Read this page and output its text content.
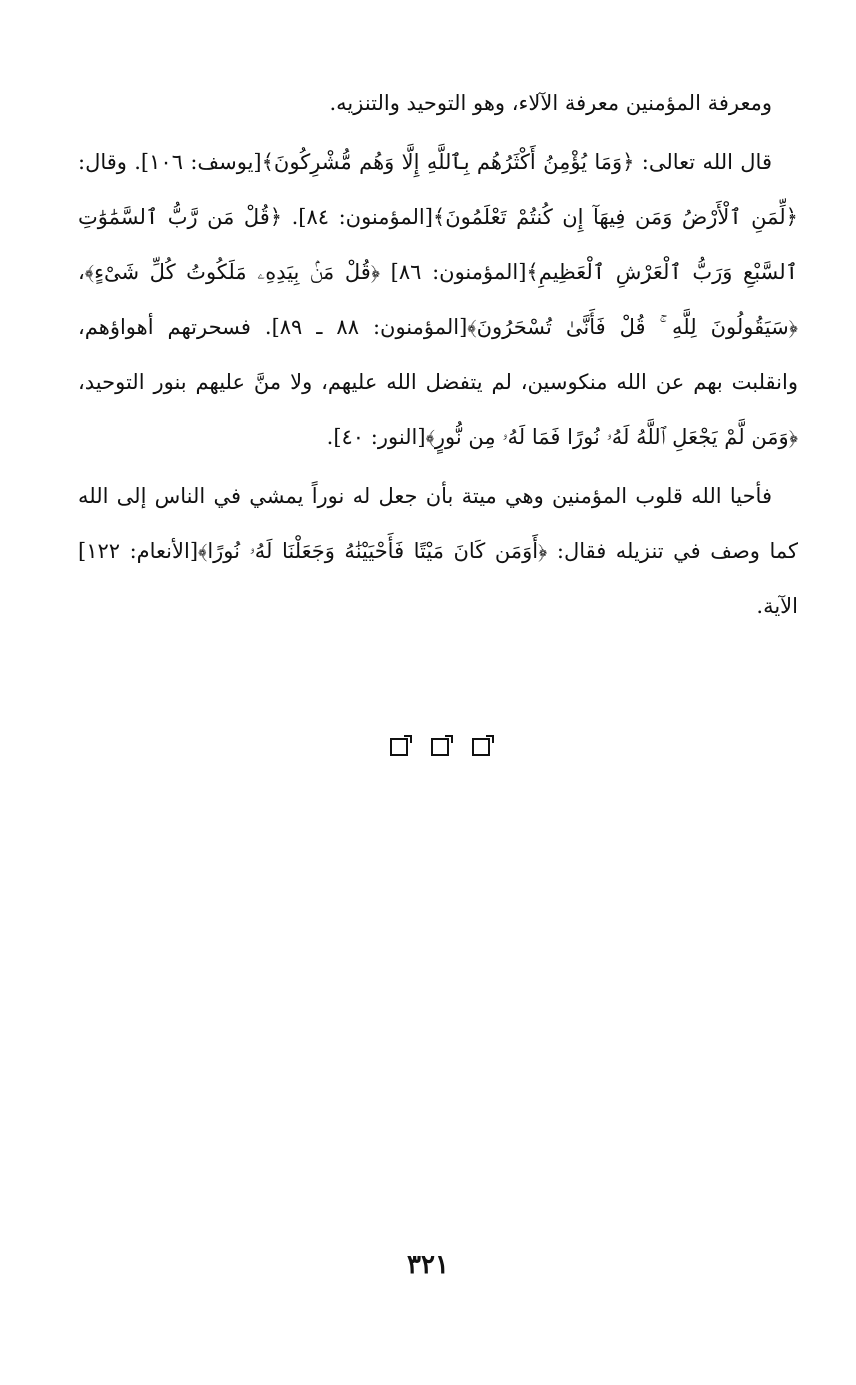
ومعرفة المؤمنين معرفة الآلاء، وهو التوحيد والتنزيه.

قال الله تعالى: ﴿وَمَا يُؤْمِنُ أَكْثَرُهُم بِٱللَّهِ إِلَّا وَهُم مُّشْرِكُونَ﴾[يوسف: ١٠٦]. وقال: ﴿لِّمَنِ ٱلْأَرْضُ وَمَن فِيهَآ إِن كُنتُمْ تَعْلَمُونَ﴾[المؤمنون: ٨٤]. ﴿قُلْ مَن رَّبُّ ٱلسَّمَٰوَٰتِ ٱلسَّبْعِ وَرَبُّ ٱلْعَرْشِ ٱلْعَظِيمِ﴾[المؤمنون: ٨٦] ﴿قُلْ مَنۢ بِيَدِهِۦ مَلَكُوتُ كُلِّ شَىْءٍ﴾، ﴿سَيَقُولُونَ لِلَّهِ ۚ قُلْ فَأَنَّىٰ تُسْحَرُونَ﴾[المؤمنون: ٨٨ ـ ٨٩]. فسحرتهم أهواؤهم، وانقلبت بهم عن الله منكوسين، لم يتفضل الله عليهم، ولا منَّ عليهم بنور التوحيد، ﴿وَمَن لَّمْ يَجْعَلِ ٱللَّهُ لَهُۥ نُورًا فَمَا لَهُۥ مِن نُّورٍ﴾[النور: ٤٠].

فأحيا الله قلوب المؤمنين وهي ميتة بأن جعل له نوراً يمشي في الناس إلى الله كما وصف في تنزيله فقال: ﴿أَوَمَن كَانَ مَيْتًا فَأَحْيَيْنَٰهُ وَجَعَلْنَا لَهُۥ نُورًا﴾[الأنعام: ١٢٢] الآية.

٣٢١
